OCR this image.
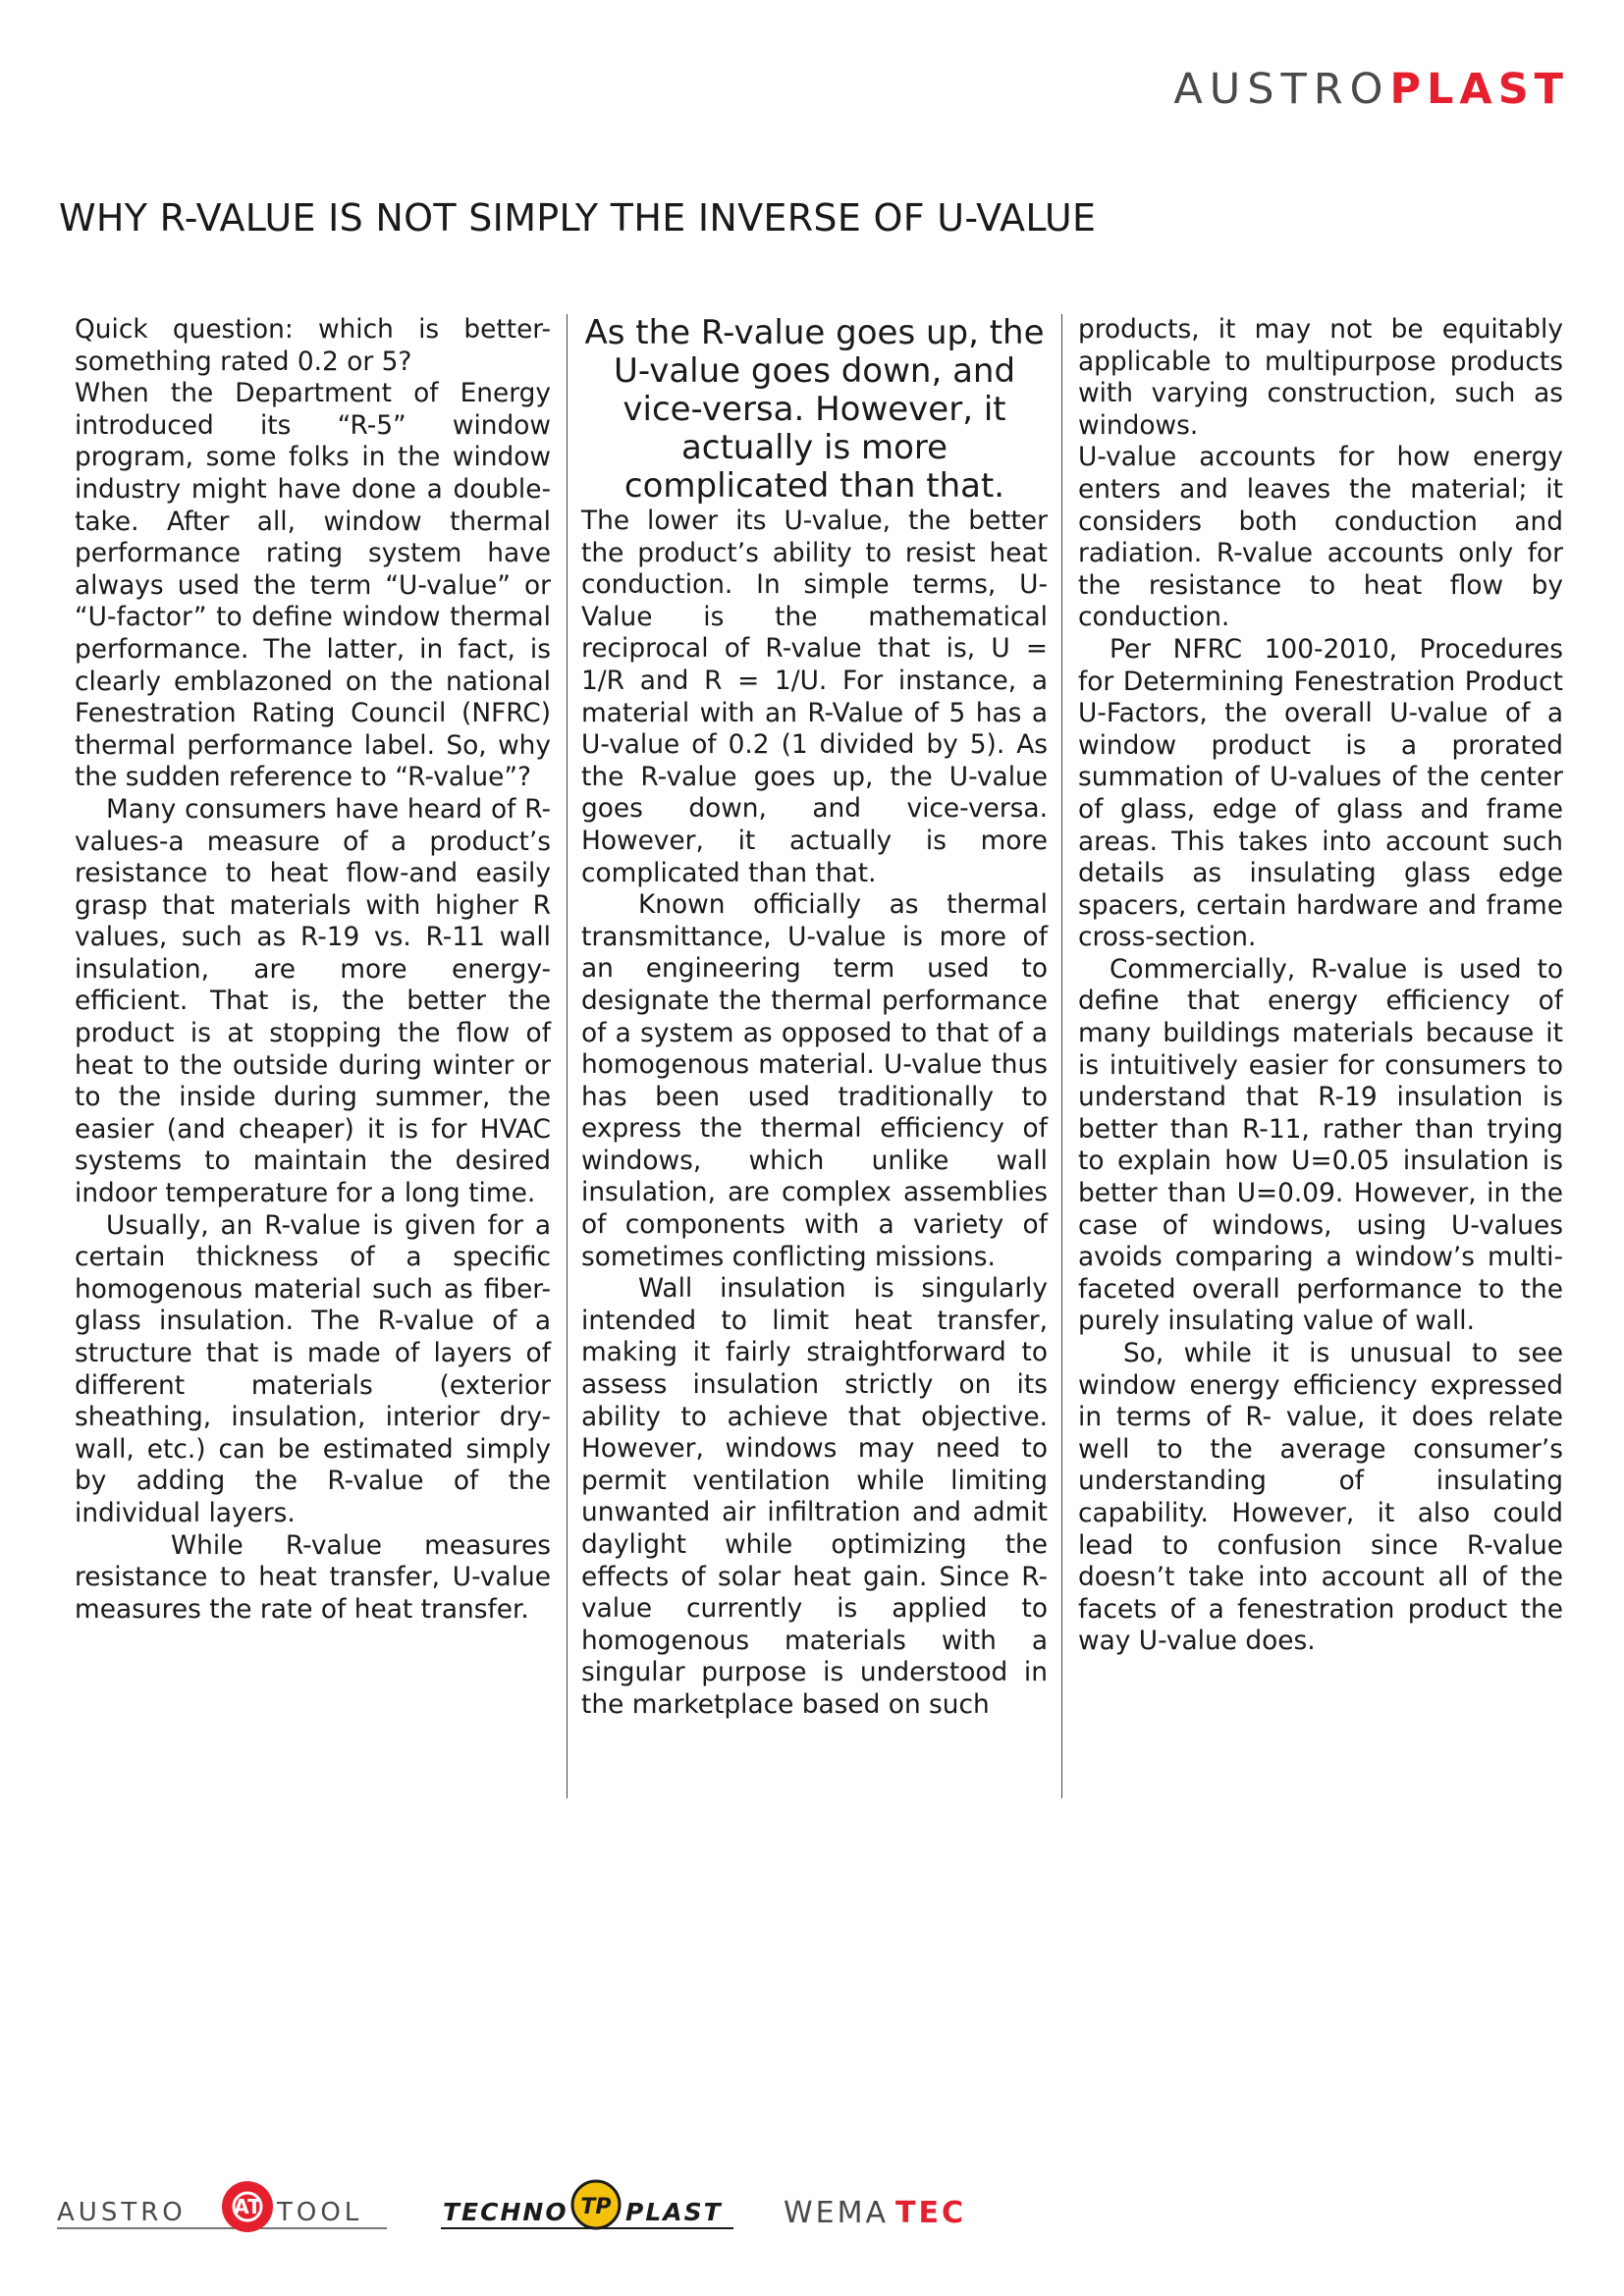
AUSTROPLAST
WHY R-VALUE IS NOT SIMPLY THE INVERSE OF U-VALUE

Quick question: which is better- something rated 0.2 or 5?

When the Department of Energy introduced its “R-5” window program, some folks in the window industry might have done a double-take. After all, window thermal performance rating system have always used the term “U-value” or “U-factor” to define window thermal performance. The latter, in fact, is clearly emblazoned on the national Fenestration Rating Council (NFRC) thermal performance label. So, why the sudden reference to “R-value”?

Many consumers have heard of R-values-a measure of a product’s resistance to heat flow-and easily grasp that materials with higher R values, such as R-19 vs. R-11 wall insulation, are more energy-efficient. That is, the better the product is at stopping the flow of heat to the outside during winter or to the inside during summer, the easier (and cheaper) it is for HVAC systems to maintain the desired indoor temperature for a long time.

Usually, an R-value is given for a certain thickness of a specific homogenous material such as fiber-glass insulation. The R-value of a structure that is made of layers of different materials (exterior sheathing, insulation, interior dry-wall, etc.) can be estimated simply by adding the R-value of the individual layers.

While R-value measures resistance to heat transfer, U-value measures the rate of heat transfer.

As the R-value goes up, the U-value goes down, and vice-versa. However, it actually is more complicated than that.

The lower its U-value, the better the product’s ability to resist heat conduction. In simple terms, U-Value is the mathematical reciprocal of R-value that is, U = 1/R and R = 1/U. For instance, a material with an R-Value of 5 has a U-value of 0.2 (1 divided by 5). As the R-value goes up, the U-value goes down, and vice-versa. However, it actually is more complicated than that.

Known officially as thermal transmittance, U-value is more of an engineering term used to designate the thermal performance of a system as opposed to that of a homogenous material. U-value thus has been used traditionally to express the thermal efficiency of windows, which unlike wall insulation, are complex assemblies of components with a variety of sometimes conflicting missions.

Wall insulation is singularly intended to limit heat transfer, making it fairly straightforward to assess insulation strictly on its ability to achieve that objective. However, windows may need to permit ventilation while limiting unwanted air infiltration and admit daylight while optimizing the effects of solar heat gain. Since R-value currently is applied to homogenous materials with a singular purpose is understood in the marketplace based on such

products, it may not be equitably applicable to multipurpose products with varying construction, such as windows.

U-value accounts for how energy enters and leaves the material; it considers both conduction and radiation. R-value accounts only for the resistance to heat flow by conduction.

Per NFRC 100-2010, Procedures for Determining Fenestration Product U-Factors, the overall U-value of a window product is a prorated summation of U-values of the center of glass, edge of glass and frame areas. This takes into account such details as insulating glass edge spacers, certain hardware and frame cross-section.

Commercially, R-value is used to define that energy efficiency of many buildings materials because it is intuitively easier for consumers to understand that R-19 insulation is better than R-11, rather than trying to explain how U=0.05 insulation is better than U=0.09. However, in the case of windows, using U-values avoids comparing a window’s multi-faceted overall performance to the purely insulating value of wall.

So, while it is unusual to see window energy efficiency expressed in terms of R- value, it does relate well to the average consumer’s understanding of insulating capability. However, it also could lead to confusion since R-value doesn’t take into account all of the facets of a fenestration product the way U-value does.

AUSTRO AT TOOL	TECHNO TP PLAST WEMA TEC
